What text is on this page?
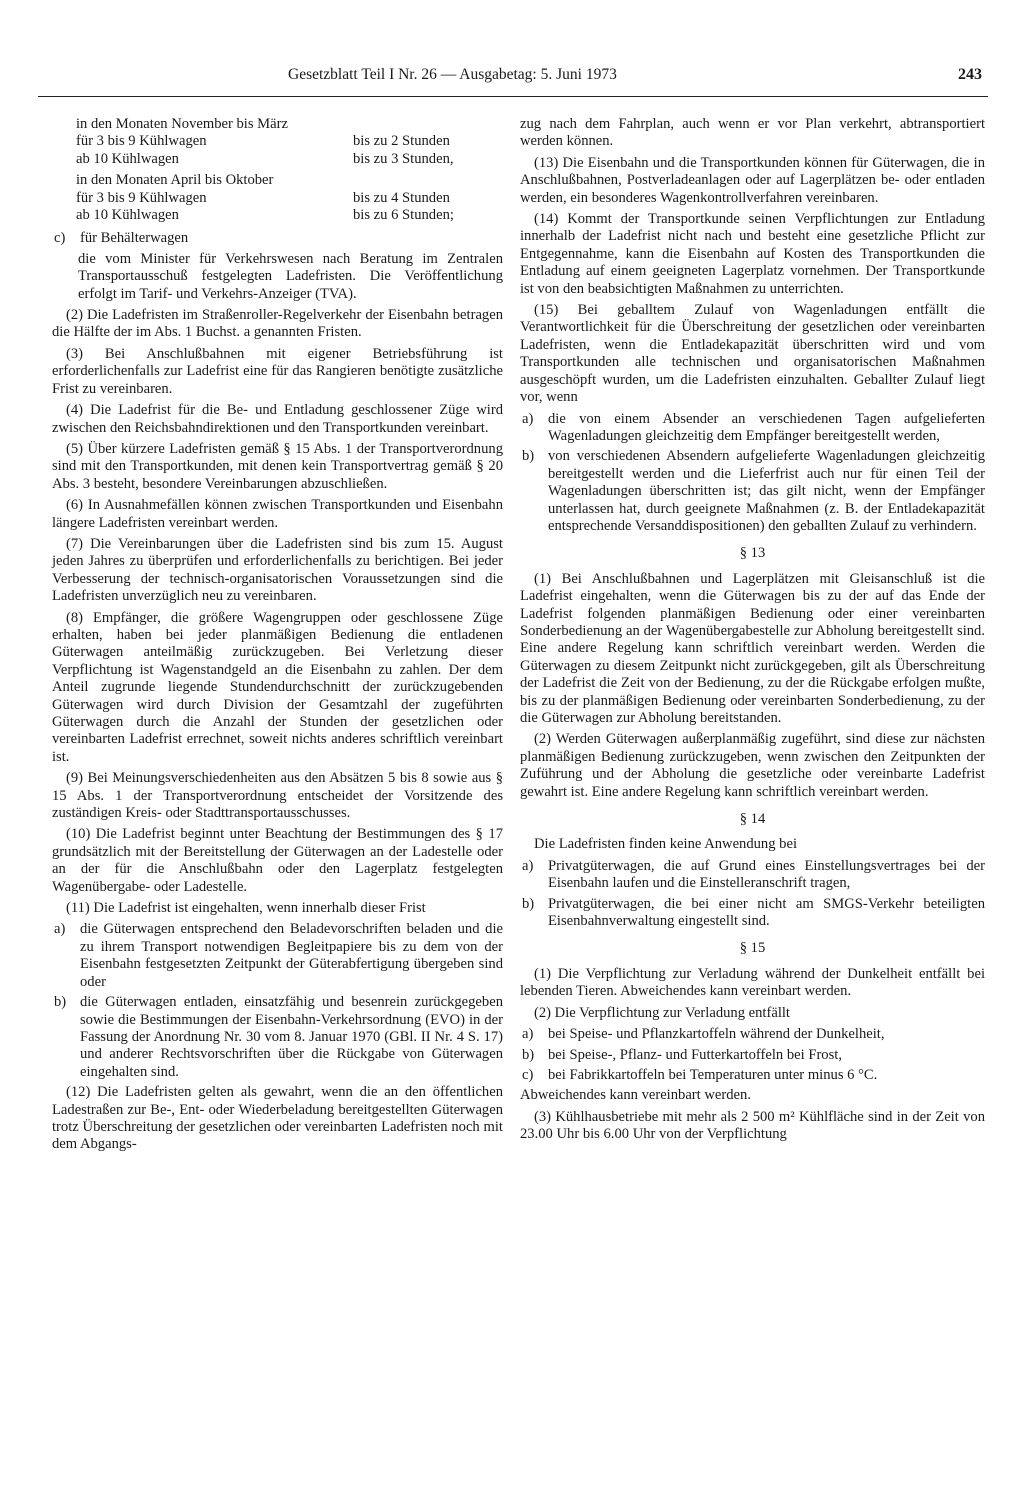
Gesetzblatt Teil I Nr. 26 — Ausgabetag: 5. Juni 1973	243

in den Monaten November bis März

für 3 bis 9 Kühlwagen	bis zu 2 Stunden
ab 10 Kühlwagen	bis zu 3 Stunden,

in den Monaten April bis Oktober

für 3 bis 9 Kühlwagen	bis zu 4 Stunden
ab 10 Kühlwagen	bis zu 6 Stunden;
c)	für Behälterwagen

die vom Minister für Verkehrswesen nach Beratung im Zentralen Transportausschuß festgelegten Ladefristen. Die Veröffentlichung erfolgt im Tarif- und Verkehrs-Anzeiger (TVA).

(2) Die Ladefristen im Straßenroller-Regelverkehr der Eisenbahn betragen die Hälfte der im Abs. 1 Buchst. a genannten Fristen.

(3) Bei Anschlußbahnen mit eigener Betriebsführung ist erforderlichenfalls zur Ladefrist eine für das Rangieren benötigte zusätzliche Frist zu vereinbaren.

(4) Die Ladefrist für die Be- und Entladung geschlossener Züge wird zwischen den Reichsbahndirektionen und den Transportkunden vereinbart.

(5) Über kürzere Ladefristen gemäß § 15 Abs. 1 der Transportverordnung sind mit den Transportkunden, mit denen kein Transportvertrag gemäß § 20 Abs. 3 besteht, besondere Vereinbarungen abzuschließen.

(6) In Ausnahmefällen können zwischen Transportkunden und Eisenbahn längere Ladefristen vereinbart werden.

(7) Die Vereinbarungen über die Ladefristen sind bis zum 15. August jeden Jahres zu überprüfen und erforderlichenfalls zu berichtigen. Bei jeder Verbesserung der technisch-organisatorischen Voraussetzungen sind die Ladefristen unverzüglich neu zu vereinbaren.

(8) Empfänger, die größere Wagengruppen oder geschlossene Züge erhalten, haben bei jeder planmäßigen Bedienung die entladenen Güterwagen anteilmäßig zurückzugeben. Bei Verletzung dieser Verpflichtung ist Wagenstandgeld an die Eisenbahn zu zahlen. Der dem Anteil zugrunde liegende Stundendurchschnitt der zurückzugebenden Güterwagen wird durch Division der Gesamtzahl der zugeführten Güterwagen durch die Anzahl der Stunden der gesetzlichen oder vereinbarten Ladefrist errechnet, soweit nichts anderes schriftlich vereinbart ist.

(9) Bei Meinungsverschiedenheiten aus den Absätzen 5 bis 8 sowie aus § 15 Abs. 1 der Transportverordnung entscheidet der Vorsitzende des zuständigen Kreis- oder Stadttransportausschusses.

(10) Die Ladefrist beginnt unter Beachtung der Bestimmungen des § 17 grundsätzlich mit der Bereitstellung der Güterwagen an der Ladestelle oder an der für die Anschlußbahn oder den Lagerplatz festgelegten Wagenübergabe- oder Ladestelle.

(11) Die Ladefrist ist eingehalten, wenn innerhalb dieser Frist

a)	die Güterwagen entsprechend den Beladevorschriften beladen und die zu ihrem Transport notwendigen Begleitpapiere bis zu dem von der Eisenbahn festgesetzten Zeitpunkt der Güterabfertigung übergeben sind oder
b) die Güterwagen entladen, einsatzfähig und besenrein zurückgegeben sowie die Bestimmungen der Eisenbahn-Verkehrsordnung (EVO) in der Fassung der Anordnung Nr. 30 vom 8. Januar 1970 (GBl. II Nr. 4 S. 17) und anderer Rechtsvorschriften über die Rückgabe von Güterwagen eingehalten sind.

(12) Die Ladefristen gelten als gewahrt, wenn die an den öffentlichen Ladestraßen zur Be-, Ent- oder Wiederbeladung bereitgestellten Güterwagen trotz Überschreitung der gesetzlichen oder vereinbarten Ladefristen noch mit dem Abgangs-

zug nach dem Fahrplan, auch wenn er vor Plan verkehrt, abtransportiert werden können.

(13) Die Eisenbahn und die Transportkunden können für Güterwagen, die in Anschlußbahnen, Postverladeanlagen oder auf Lagerplätzen be- oder entladen werden, ein besonderes Wagenkontrollverfahren vereinbaren.

(14) Kommt der Transportkunde seinen Verpflichtungen zur Entladung innerhalb der Ladefrist nicht nach und besteht eine gesetzliche Pflicht zur Entgegennahme, kann die Eisenbahn auf Kosten des Transportkunden die Entladung auf einem geeigneten Lagerplatz vornehmen. Der Transportkunde ist von den beabsichtigten Maßnahmen zu unterrichten.

(15) Bei geballtem Zulauf von Wagenladungen entfällt die Verantwortlichkeit für die Überschreitung der gesetzlichen oder vereinbarten Ladefristen, wenn die Entladekapazität überschritten wird und vom Transportkunden alle technischen und organisatorischen Maßnahmen ausgeschöpft wurden, um die Ladefristen einzuhalten. Geballter Zulauf liegt vor, wenn

a)	die von einem Absender an verschiedenen Tagen aufgelieferten Wagenladungen gleichzeitig dem Empfänger bereitgestellt werden,
b) von verschiedenen Absendern aufgelieferte Wagenladungen gleichzeitig bereitgestellt werden und die Lieferfrist auch nur für einen Teil der Wagenladungen überschritten ist; das gilt nicht, wenn der Empfänger unterlassen hat, durch geeignete Maßnahmen (z. B. der Entladekapazität entsprechende Versanddispositionen) den geballten Zulauf zu verhindern.

§ 13

(1) Bei Anschlußbahnen und Lagerplätzen mit Gleisanschluß ist die Ladefrist eingehalten, wenn die Güterwagen bis zu der auf das Ende der Ladefrist folgenden planmäßigen Bedienung oder einer vereinbarten Sonderbedienung an der Wagenübergabestelle zur Abholung bereitgestellt sind. Eine andere Regelung kann schriftlich vereinbart werden. Werden die Güterwagen zu diesem Zeitpunkt nicht zurückgegeben, gilt als Überschreitung der Ladefrist die Zeit von der Bedienung, zu der die Rückgabe erfolgen mußte, bis zu der planmäßigen Bedienung oder vereinbarten Sonderbedienung, zu der die Güterwagen zur Abholung bereitstanden.

(2) Werden Güterwagen außerplanmäßig zugeführt, sind diese zur nächsten planmäßigen Bedienung zurückzugeben, wenn zwischen den Zeitpunkten der Zuführung und der Abholung die gesetzliche oder vereinbarte Ladefrist gewahrt ist. Eine andere Regelung kann schriftlich vereinbart werden.

§ 14

Die Ladefristen finden keine Anwendung bei

a)	Privatgüterwagen, die auf Grund eines Einstellungsvertrages bei der Eisenbahn laufen und die Einstelleranschrift tragen,
b) Privatgüterwagen, die bei einer nicht am SMGS-Verkehr beteiligten Eisenbahnverwaltung eingestellt sind.

§ 15

(1) Die Verpflichtung zur Verladung während der Dunkelheit entfällt bei lebenden Tieren. Abweichendes kann vereinbart werden.

(2) Die Verpflichtung zur Verladung entfällt

a)	bei Speise- und Pflanzkartoffeln während der Dunkelheit,
b) bei Speise-, Pflanz- und Futterkartoffeln bei Frost,
c)	bei Fabrikkartoffeln bei Temperaturen unter minus 6 °C.

Abweichendes kann vereinbart werden.

(3) Kühlhausbetriebe mit mehr als 2 500 m² Kühlfläche sind in der Zeit von 23.00 Uhr bis 6.00 Uhr von der Verpflichtung
